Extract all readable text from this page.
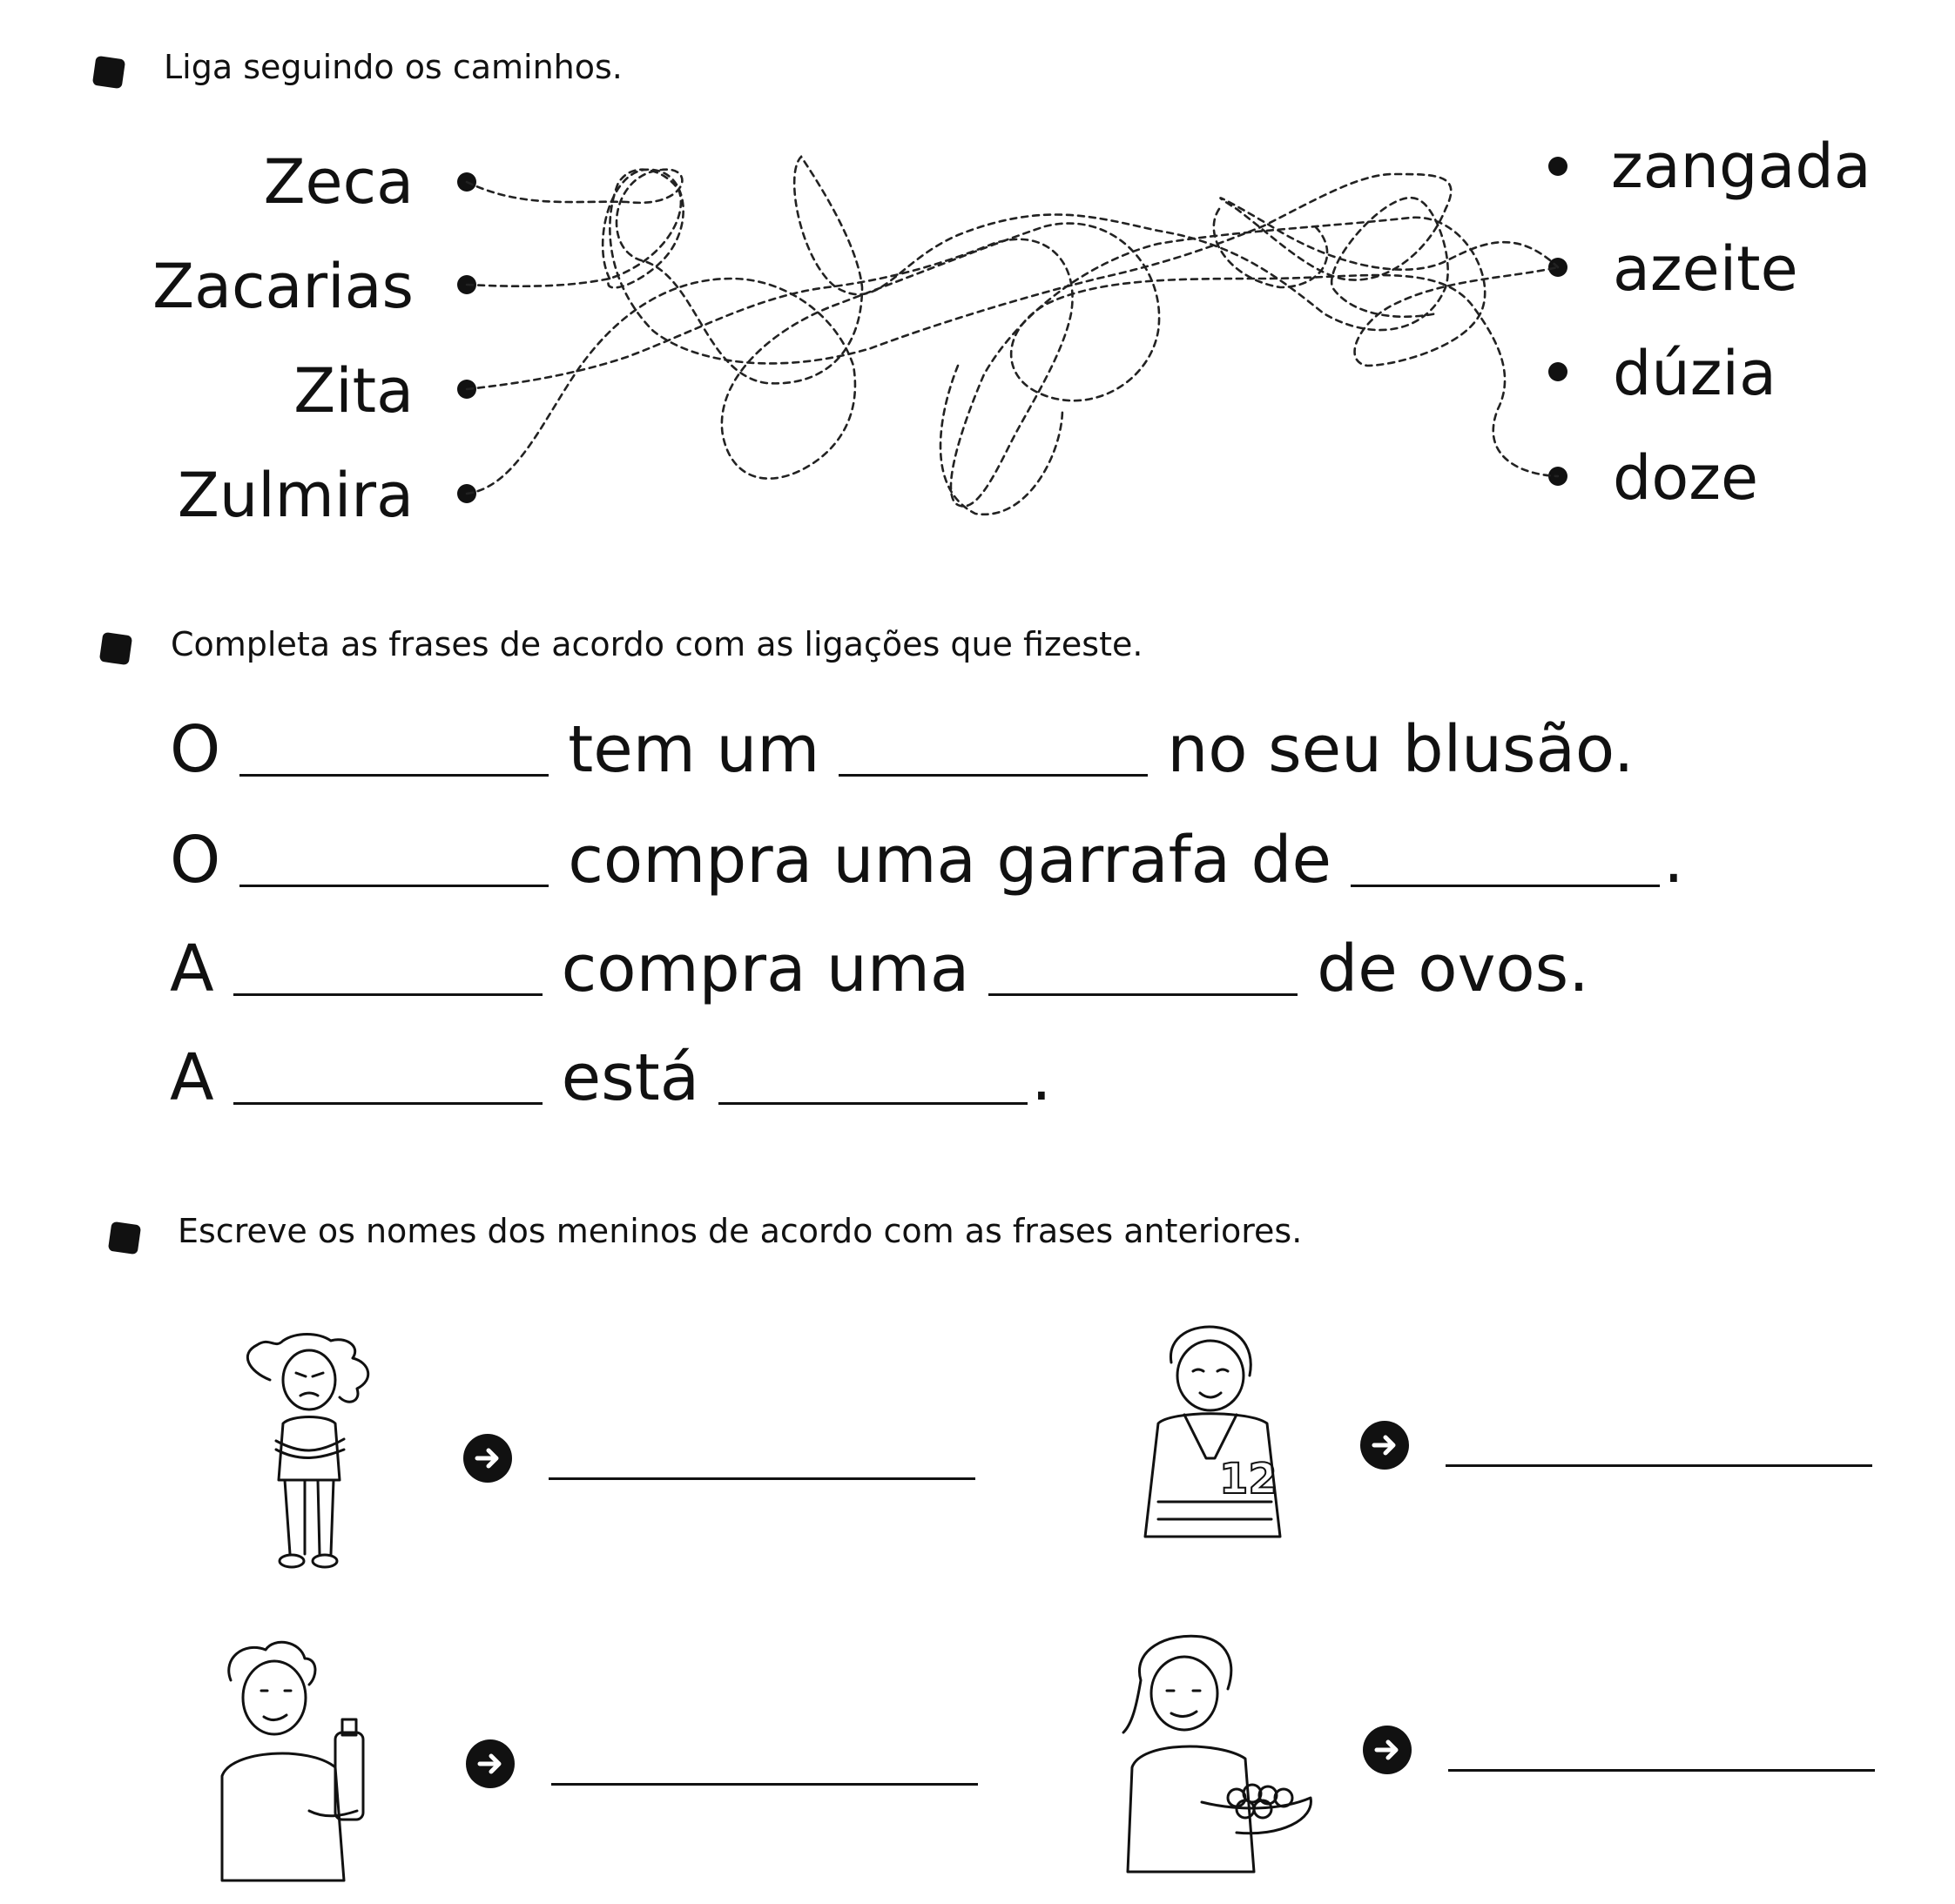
Liga seguindo os caminhos.
Zeca
Zacarias
Zita
Zulmira
zangada
azeite
dúzia
doze
Completa as frases de acordo com as ligações que fizeste.
O	tem um	no seu blusão.
O	compra uma garrafa de	.
A	compra uma	de ovos.
A	está	.
Escreve os nomes dos meninos de acordo com as frases anteriores.
12
